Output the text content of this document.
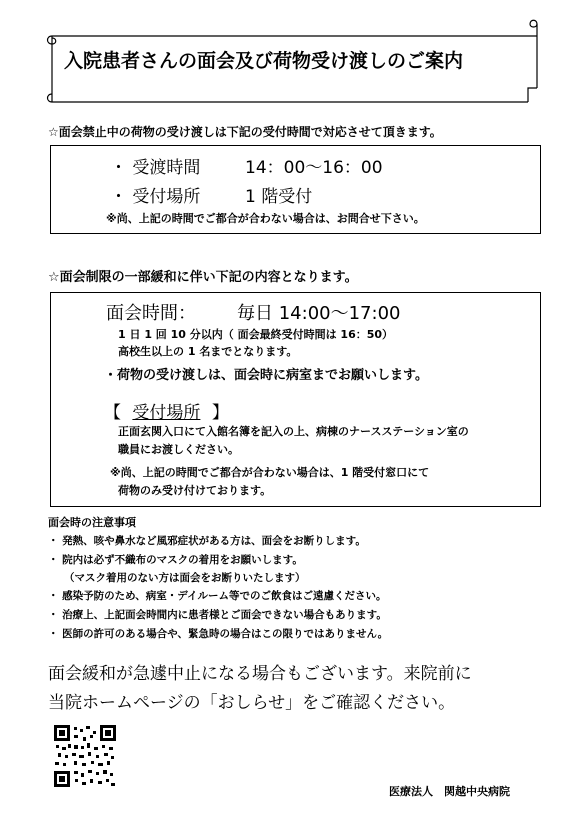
入院患者さんの面会及び荷物受け渡しのご案内
☆面会禁止中の荷物の受け渡しは下記の受付時間で対応させて頂きます。
・ 受渡時間	14：00～16：00
・ 受付場所	1 階受付
※尚、上記の時間でご都合が合わない場合は、お問合せ下さい。
☆面会制限の一部緩和に伴い下記の内容となります。
面会時間： 毎日 14:00～17:00
1 日 1 回 10 分以内（ 面会最終受付時間は 16：50）
高校生以上の 1 名までとなります。
・荷物の受け渡しは、面会時に病室までお願いします。
【 受付場所 】
正面玄関入口にて入館名簿を記入の上、病棟のナースステーション室の
職員にお渡しください。
※尚、上記の時間でご都合が合わない場合は、1 階受付窓口にて
荷物のみ受け付けております。
面会時の注意事項
・ 発熱、咳や鼻水など風邪症状がある方は、面会をお断りします。
・ 院内は必ず不織布のマスクの着用をお願いします。
（マスク着用のない方は面会をお断りいたします）
・ 感染予防のため、病室・デイルーム等でのご飲食はご遠慮ください。
・ 治療上、上記面会時間内に患者様とご面会できない場合もあります。
・ 医師の許可のある場合や、緊急時の場合はこの限りではありません。
面会緩和が急遽中止になる場合もございます。来院前に
当院ホームページの「おしらせ」をご確認ください。
医療法人　関越中央病院
